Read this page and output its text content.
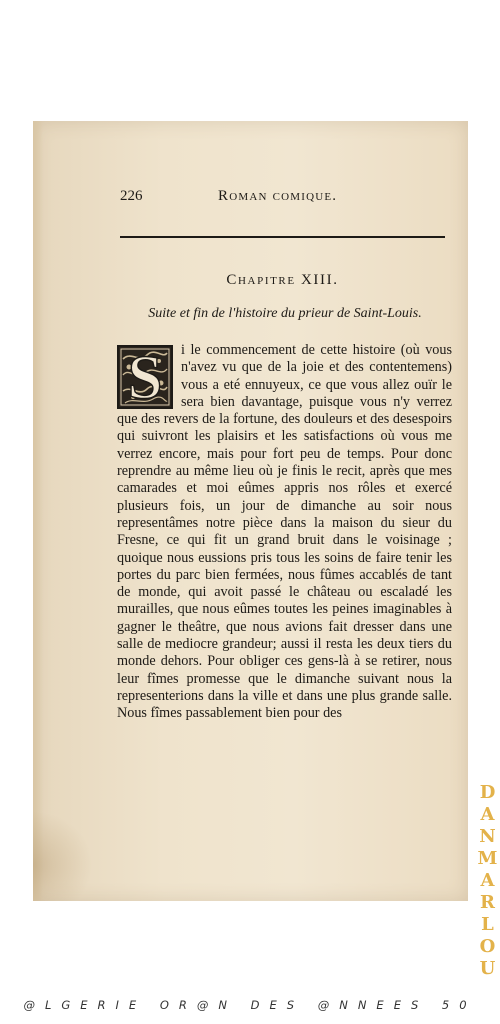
226	Roman comique.
Chapitre XIII.
Suite et fin de l'histoire du prieur de Saint-Louis.
S	i le commencement de cette histoire (où vous n'avez vu que de la joie et des contentemens) vous a eté ennuyeux, ce que vous allez ouïr le sera bien davantage, puisque vous n'y verrez que des revers de la fortune, des douleurs et des desespoirs qui suivront les plaisirs et les satisfactions où vous me verrez encore, mais pour fort peu de temps. Pour donc reprendre au même lieu où je finis le recit, après que mes camarades et moi eûmes appris nos rôles et exercé plusieurs fois, un jour de dimanche au soir nous representâmes notre pièce dans la maison du sieur du Fresne, ce qui fit un grand bruit dans le voisinage ; quoique nous eussions pris tous les soins de faire tenir les portes du parc bien fermées, nous fûmes accablés de tant de monde, qui avoit passé le château ou escaladé les murailles, que nous eûmes toutes les peines imaginables à gagner le theâtre, que nous avions fait dresser dans une salle de mediocre grandeur; aussi il resta les deux tiers du monde dehors. Pour obliger ces gens-là à se retirer, nous leur fîmes promesse que le dimanche suivant nous la representerions dans la ville et dans une plus grande salle. Nous fîmes passablement bien pour des
DANMARLOU
@LGERIE OR@N DES @NNEES 50
